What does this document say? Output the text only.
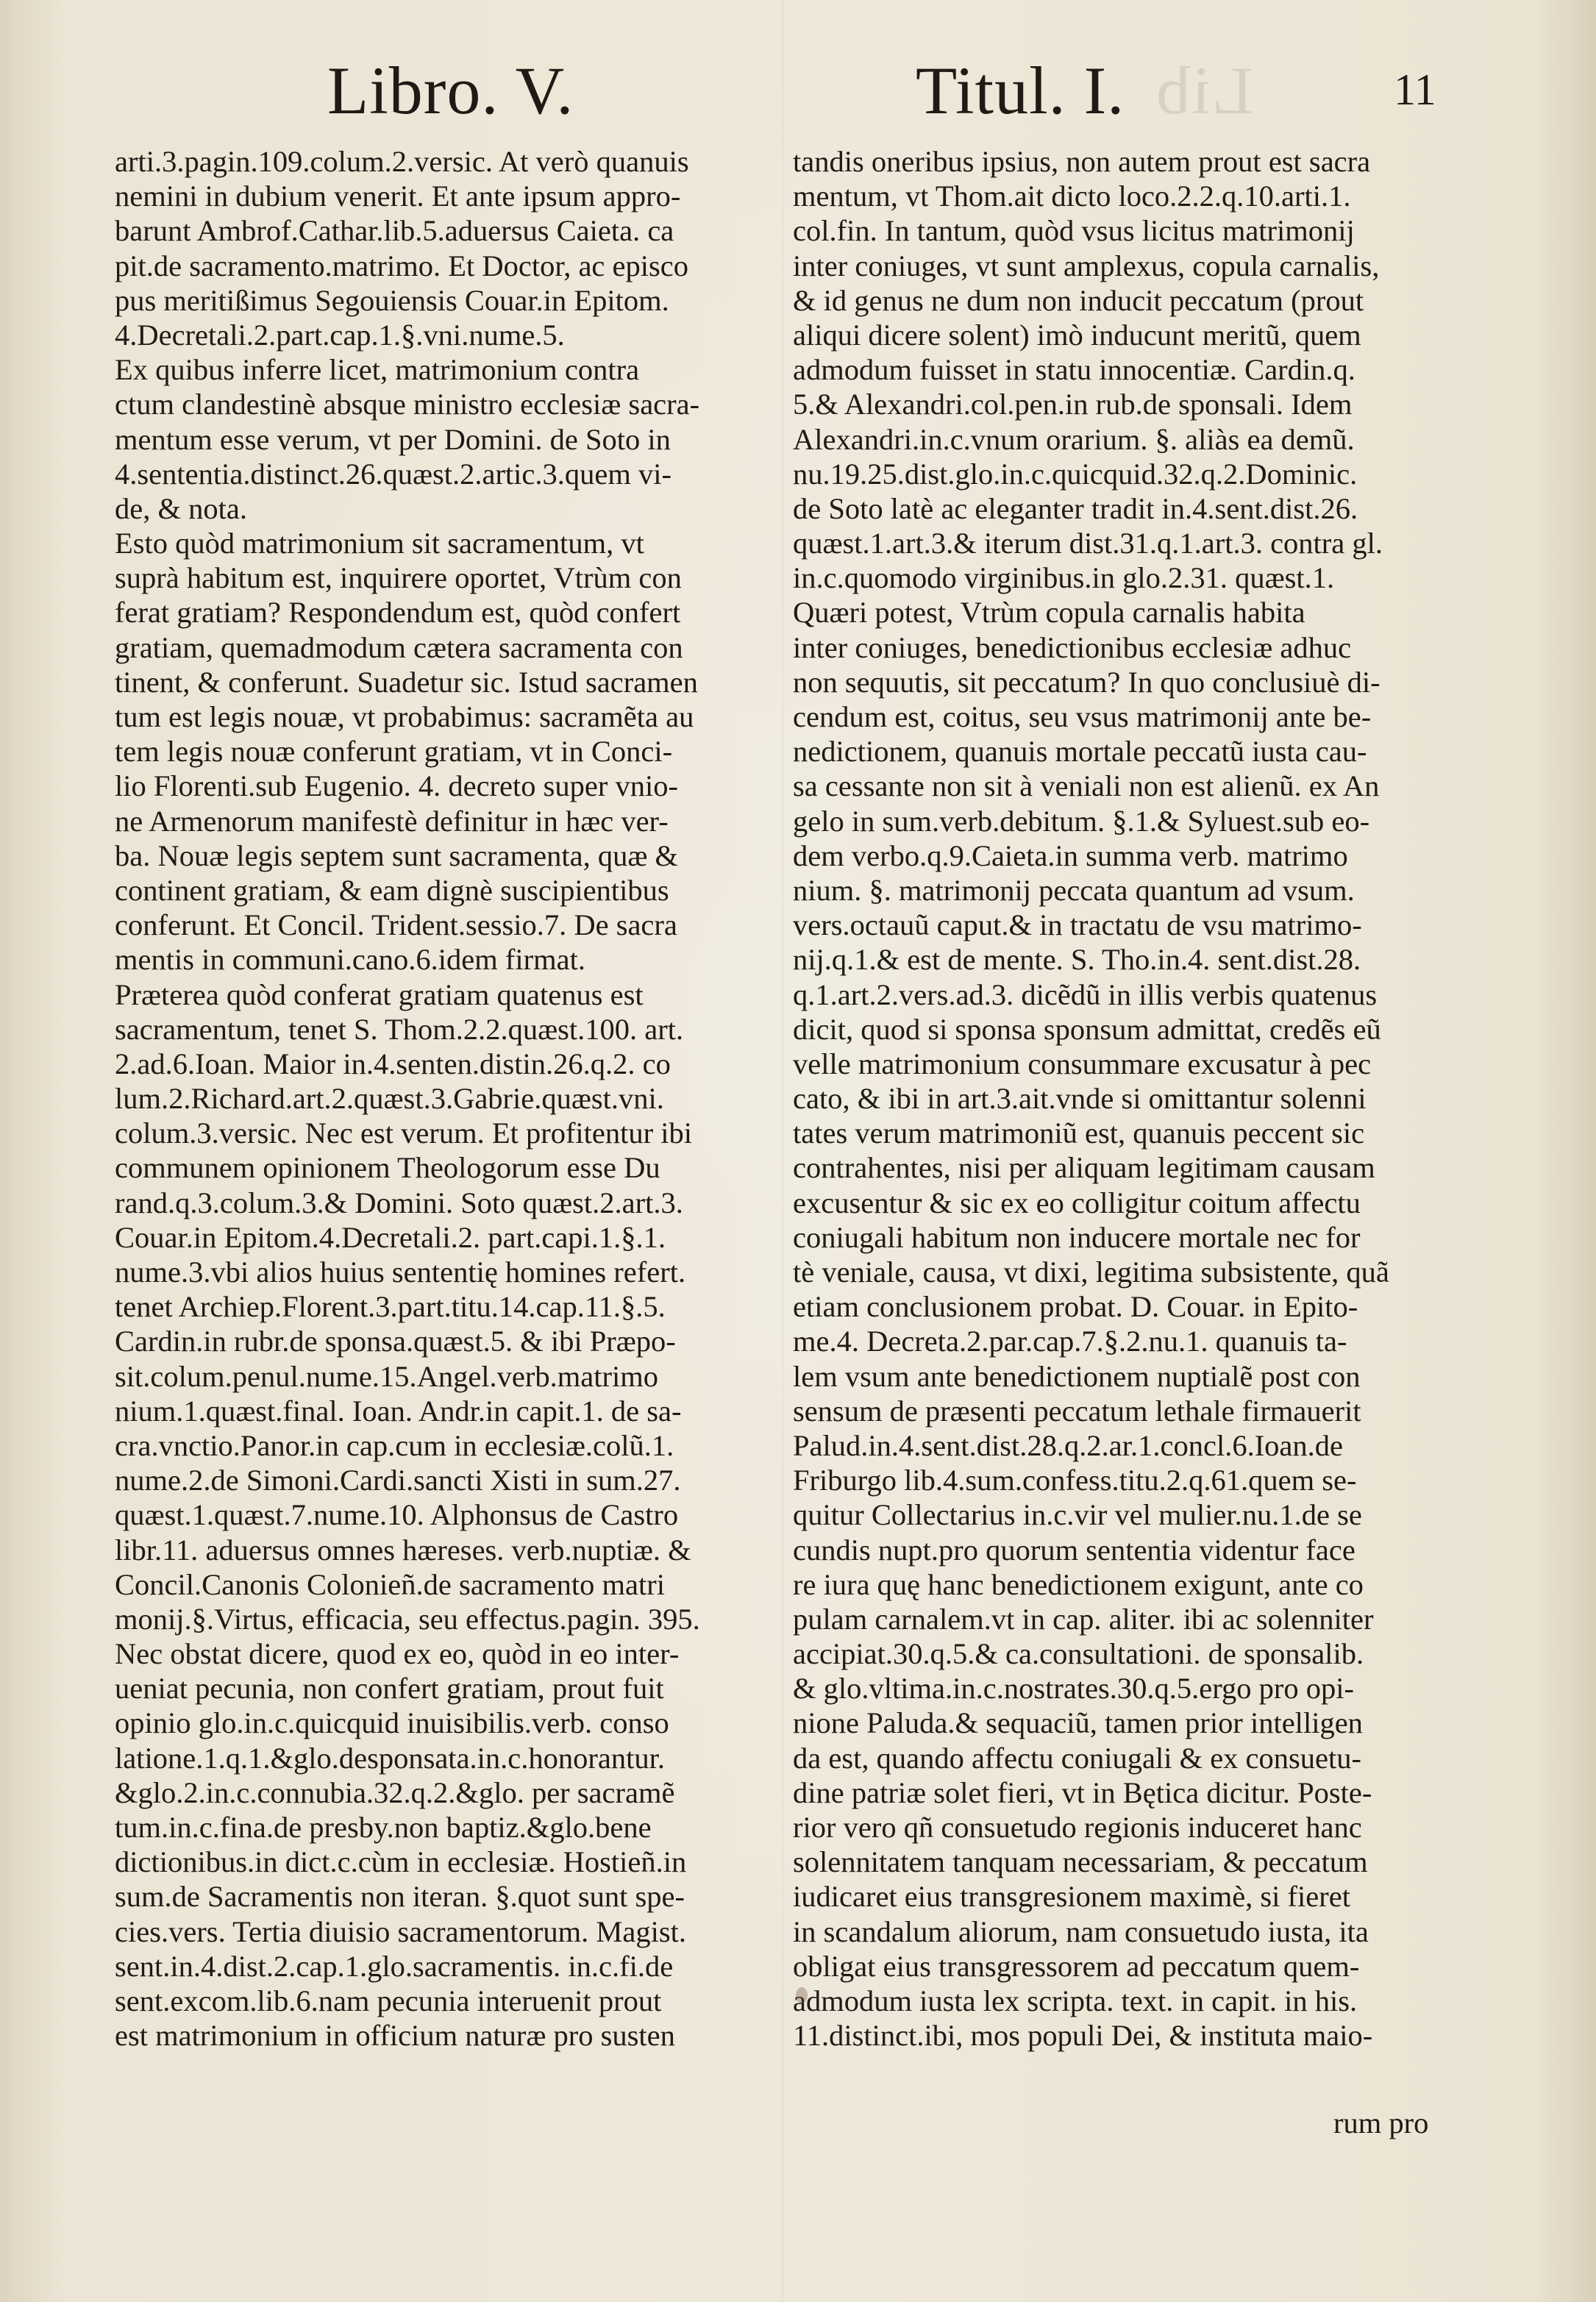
Libro. V.	Titul. I.	11
Lib
arti.3.pagin.109.colum.2.versic. At verò quanuis
nemini in dubium venerit. Et ante ipsum appro-
barunt Ambrof.Cathar.lib.5.aduersus Caieta. ca
pit.de sacramento.matrimo. Et Doctor, ac episco
pus meritißimus Segouiensis Couar.in Epitom.
4.Decretali.2.part.cap.1.§.vni.nume.5.
Ex quibus inferre licet, matrimonium contra
ctum clandestinè absque ministro ecclesiæ sacra-
mentum esse verum, vt per Domini. de Soto in
4.sententia.distinct.26.quæst.2.artic.3.quem vi-
de, & nota.
Esto quòd matrimonium sit sacramentum, vt
suprà habitum est, inquirere oportet, Vtrùm con
ferat gratiam? Respondendum est, quòd confert
gratiam, quemadmodum cætera sacramenta con
tinent, & conferunt. Suadetur sic. Istud sacramen
tum est legis nouæ, vt probabimus: sacramẽta au
tem legis nouæ conferunt gratiam, vt in Conci-
lio Florenti.sub Eugenio. 4. decreto super vnio-
ne Armenorum manifestè definitur in hæc ver-
ba. Nouæ legis septem sunt sacramenta, quæ &
continent gratiam, & eam dignè suscipientibus
conferunt. Et Concil. Trident.sessio.7. De sacra
mentis in communi.cano.6.idem firmat.
Præterea quòd conferat gratiam quatenus est
sacramentum, tenet S. Thom.2.2.quæst.100. art.
2.ad.6.Ioan. Maior in.4.senten.distin.26.q.2. co
lum.2.Richard.art.2.quæst.3.Gabrie.quæst.vni.
colum.3.versic. Nec est verum. Et profitentur ibi
communem opinionem Theologorum esse Du
rand.q.3.colum.3.& Domini. Soto quæst.2.art.3.
Couar.in Epitom.4.Decretali.2. part.capi.1.§.1.
nume.3.vbi alios huius sententię homines refert.
tenet Archiep.Florent.3.part.titu.14.cap.11.§.5.
Cardin.in rubr.de sponsa.quæst.5. & ibi Præpo-
sit.colum.penul.nume.15.Angel.verb.matrimo
nium.1.quæst.final. Ioan. Andr.in capit.1. de sa-
cra.vnctio.Panor.in cap.cum in ecclesiæ.colũ.1.
nume.2.de Simoni.Cardi.sancti Xisti in sum.27.
quæst.1.quæst.7.nume.10. Alphonsus de Castro
libr.11. aduersus omnes hæreses. verb.nuptiæ. &
Concil.Canonis Colonieñ.de sacramento matri
monij.§.Virtus, efficacia, seu effectus.pagin. 395.
Nec obstat dicere, quod ex eo, quòd in eo inter-
ueniat pecunia, non confert gratiam, prout fuit
opinio glo.in.c.quicquid inuisibilis.verb. conso
latione.1.q.1.&glo.desponsata.in.c.honorantur.
&glo.2.in.c.connubia.32.q.2.&glo. per sacramẽ
tum.in.c.fina.de presby.non baptiz.&glo.bene
dictionibus.in dict.c.cùm in ecclesiæ. Hostieñ.in
sum.de Sacramentis non iteran. §.quot sunt spe-
cies.vers. Tertia diuisio sacramentorum. Magist.
sent.in.4.dist.2.cap.1.glo.sacramentis. in.c.fi.de
sent.excom.lib.6.nam pecunia interuenit prout
est matrimonium in officium naturæ pro susten
tandis oneribus ipsius, non autem prout est sacra
mentum, vt Thom.ait dicto loco.2.2.q.10.arti.1.
col.fin. In tantum, quòd vsus licitus matrimonij
inter coniuges, vt sunt amplexus, copula carnalis,
& id genus ne dum non inducit peccatum (prout
aliqui dicere solent) imò inducunt meritũ, quem
admodum fuisset in statu innocentiæ. Cardin.q.
5.& Alexandri.col.pen.in rub.de sponsali. Idem
Alexandri.in.c.vnum orarium. §. aliàs ea demũ.
nu.19.25.dist.glo.in.c.quicquid.32.q.2.Dominic.
de Soto latè ac eleganter tradit in.4.sent.dist.26.
quæst.1.art.3.& iterum dist.31.q.1.art.3. contra gl.
in.c.quomodo virginibus.in glo.2.31. quæst.1.
Quæri potest, Vtrùm copula carnalis habita
inter coniuges, benedictionibus ecclesiæ adhuc
non sequutis, sit peccatum? In quo conclusiuè di-
cendum est, coitus, seu vsus matrimonij ante be-
nedictionem, quanuis mortale peccatũ iusta cau-
sa cessante non sit à veniali non est alienũ. ex An
gelo in sum.verb.debitum. §.1.& Syluest.sub eo-
dem verbo.q.9.Caieta.in summa verb. matrimo
nium. §. matrimonij peccata quantum ad vsum.
vers.octauũ caput.& in tractatu de vsu matrimo-
nij.q.1.& est de mente. S. Tho.in.4. sent.dist.28.
q.1.art.2.vers.ad.3. dicẽdũ in illis verbis quatenus
dicit, quod si sponsa sponsum admittat, credẽs eũ
velle matrimonium consummare excusatur à pec
cato, & ibi in art.3.ait.vnde si omittantur solenni
tates verum matrimoniũ est, quanuis peccent sic
contrahentes, nisi per aliquam legitimam causam
excusentur & sic ex eo colligitur coitum affectu
coniugali habitum non inducere mortale nec for
tè veniale, causa, vt dixi, legitima subsistente, quã
etiam conclusionem probat. D. Couar. in Epito-
me.4. Decreta.2.par.cap.7.§.2.nu.1. quanuis ta-
lem vsum ante benedictionem nuptialẽ post con
sensum de præsenti peccatum lethale firmauerit
Palud.in.4.sent.dist.28.q.2.ar.1.concl.6.Ioan.de
Friburgo lib.4.sum.confess.titu.2.q.61.quem se-
quitur Collectarius in.c.vir vel mulier.nu.1.de se
cundis nupt.pro quorum sententia videntur face
re iura quę hanc benedictionem exigunt, ante co
pulam carnalem.vt in cap. aliter. ibi ac solenniter
accipiat.30.q.5.& ca.consultationi. de sponsalib.
& glo.vltima.in.c.nostrates.30.q.5.ergo pro opi-
nione Paluda.& sequaciũ, tamen prior intelligen
da est, quando affectu coniugali & ex consuetu-
dine patriæ solet fieri, vt in Bętica dicitur. Poste-
rior vero qñ consuetudo regionis induceret hanc
solennitatem tanquam necessariam, & peccatum
iudicaret eius transgresionem maximè, si fieret
in scandalum aliorum, nam consuetudo iusta, ita
obligat eius transgressorem ad peccatum quem-
admodum iusta lex scripta. text. in capit. in his.
11.distinct.ibi, mos populi Dei, & instituta maio-
rum pro
